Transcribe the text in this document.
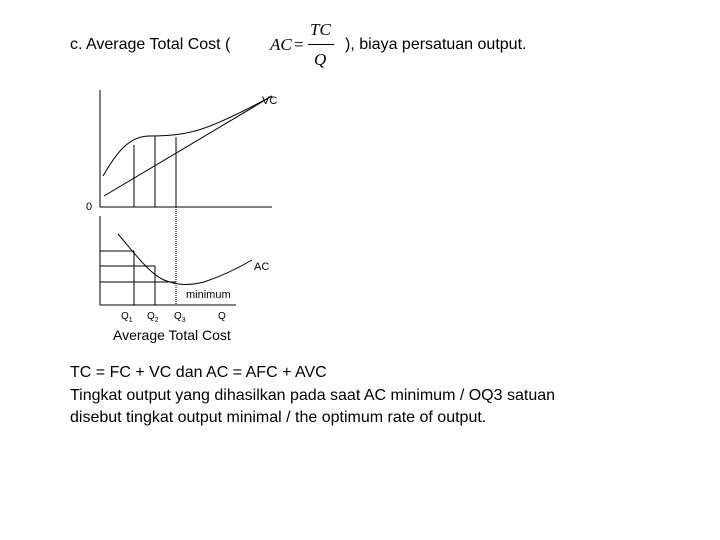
c. Average Total Cost ( AC =
TC
Q
), biaya persatuan output.
0
VC
AC
minimum
$Q_1$ $Q_2$ $Q_3$	Q
Average Total Cost
TC = FC + VC dan AC = AFC + AVC
Tingkat output yang dihasilkan pada saat AC minimum / OQ3 satuan
disebut tingkat output minimal / the optimum rate of output.
